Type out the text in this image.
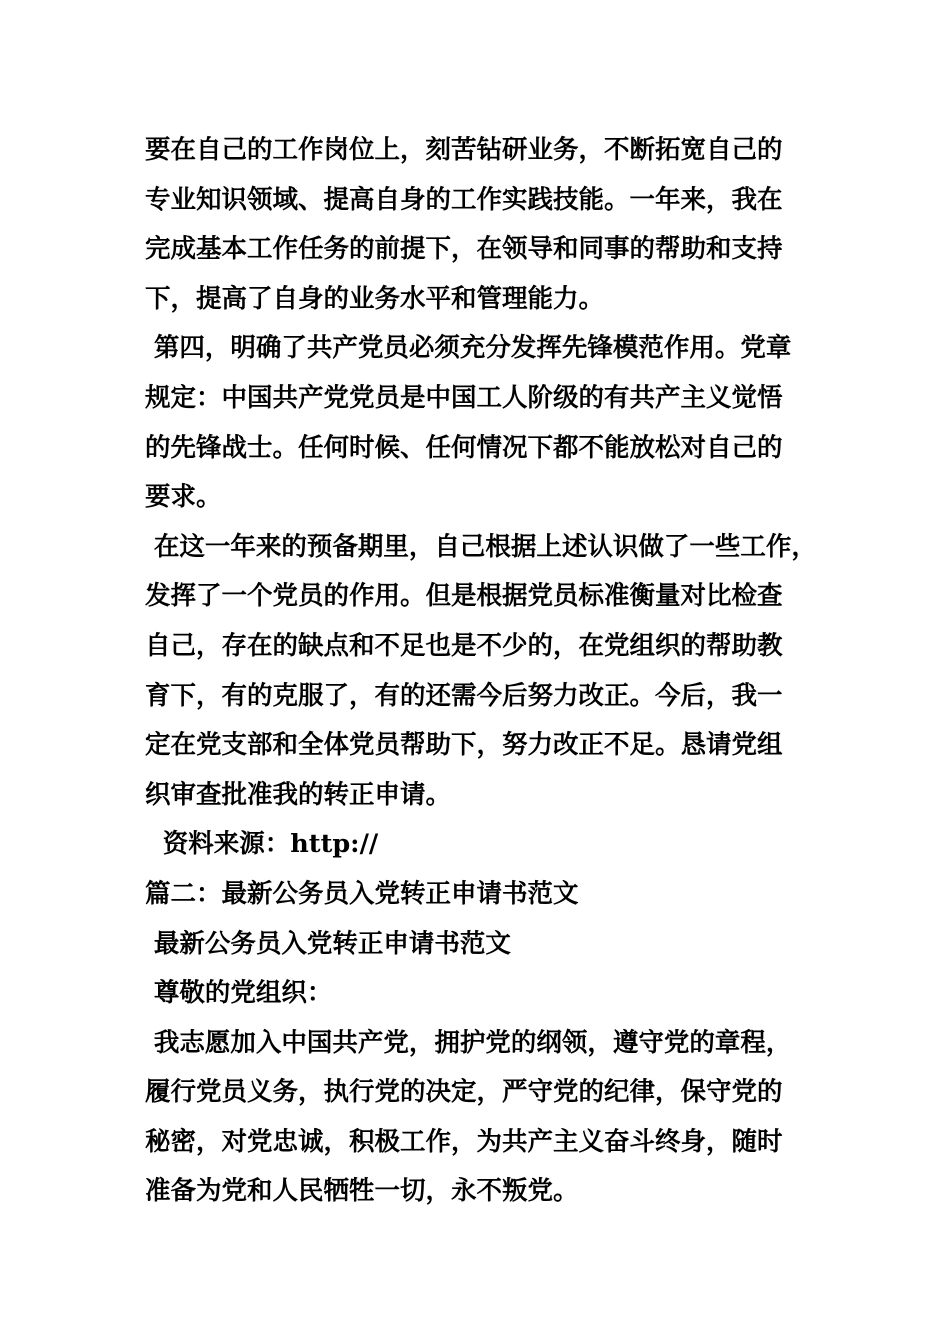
要在自己的工作岗位上，刻苦钻研业务，不断拓宽自己的
专业知识领域、提高自身的工作实践技能。一年来，我在
完成基本工作任务的前提下，在领导和同事的帮助和支持
下，提高了自身的业务水平和管理能力。
第四，明确了共产党员必须充分发挥先锋模范作用。党章
规定：中国共产党党员是中国工人阶级的有共产主义觉悟
的先锋战士。任何时候、任何情况下都不能放松对自己的
要求。
在这一年来的预备期里，自己根据上述认识做了一些工作，
发挥了一个党员的作用。但是根据党员标准衡量对比检查
自己，存在的缺点和不足也是不少的，在党组织的帮助教
育下，有的克服了，有的还需今后努力改正。今后，我一
定在党支部和全体党员帮助下，努力改正不足。恳请党组
织审查批准我的转正申请。
资料来源：http://
篇二：最新公务员入党转正申请书范文
最新公务员入党转正申请书范文
尊敬的党组织：
我志愿加入中国共产党，拥护党的纲领，遵守党的章程，
履行党员义务，执行党的决定，严守党的纪律，保守党的
秘密，对党忠诚，积极工作，为共产主义奋斗终身，随时
准备为党和人民牺牲一切，永不叛党。
